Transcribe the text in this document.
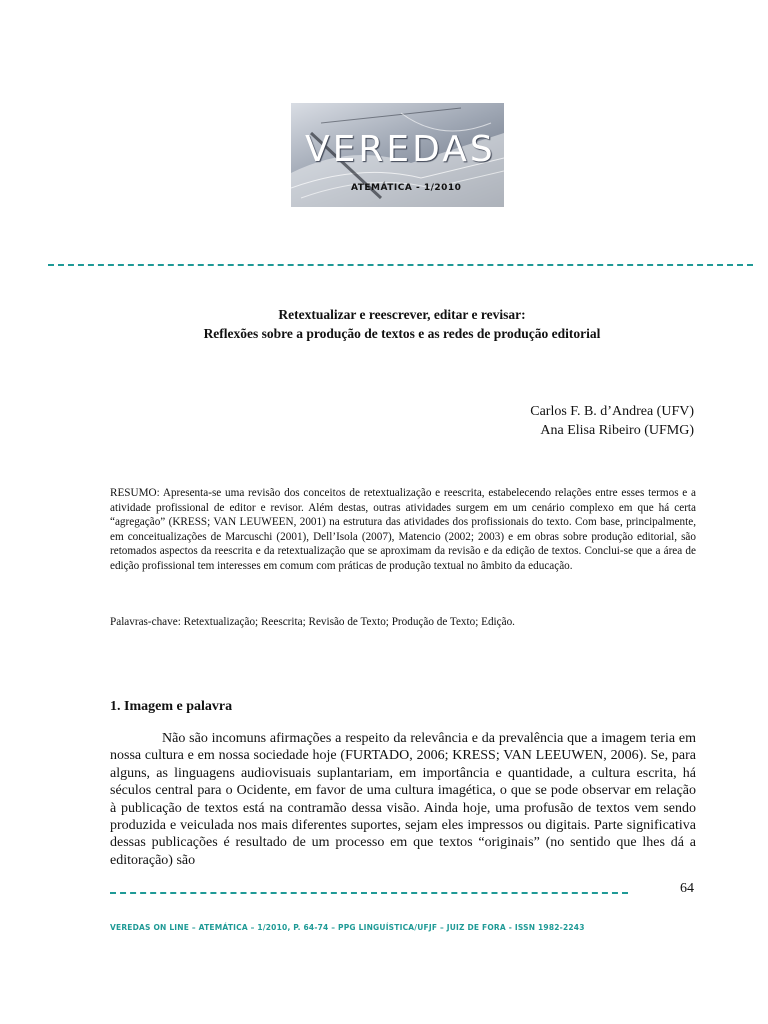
VEREDAS
ATEMÁTICA - 1/2010
Retextualizar e reescrever, editar e revisar:
Reflexões sobre a produção de textos e as redes de produção editorial
Carlos F. B. d’Andrea (UFV)
Ana Elisa Ribeiro (UFMG)
RESUMO: Apresenta-se uma revisão dos conceitos de retextualização e reescrita, estabelecendo relações entre esses termos e a atividade profissional de editor e revisor. Além destas, outras atividades surgem em um cenário complexo em que há certa “agregação” (KRESS; VAN LEUWEEN, 2001) na estrutura das atividades dos profissionais do texto. Com base, principalmente, em conceitualizações de Marcuschi (2001), Dell’Isola (2007), Matencio (2002; 2003) e em obras sobre produção editorial, são retomados aspectos da reescrita e da retextualização que se aproximam da revisão e da edição de textos. Conclui-se que a área de edição profissional tem interesses em comum com práticas de produção textual no âmbito da educação.
Palavras-chave: Retextualização; Reescrita; Revisão de Texto; Produção de Texto; Edição.
1. Imagem e palavra
Não são incomuns afirmações a respeito da relevância e da prevalência que a imagem teria em nossa cultura e em nossa sociedade hoje (FURTADO, 2006; KRESS; VAN LEEUWEN, 2006). Se, para alguns, as linguagens audiovisuais suplantariam, em importância e quantidade, a cultura escrita, há séculos central para o Ocidente, em favor de uma cultura imagética, o que se pode observar em relação à publicação de textos está na contramão dessa visão. Ainda hoje, uma profusão de textos vem sendo produzida e veiculada nos mais diferentes suportes, sejam eles impressos ou digitais. Parte significativa dessas publicações é resultado de um processo em que textos “originais” (no sentido que lhes dá a editoração) são
64
VEREDAS ON LINE – ATEMÁTICA – 1/2010, P. 64-74 – PPG LINGUÍSTICA/UFJF – JUIZ DE FORA - ISSN 1982-2243
